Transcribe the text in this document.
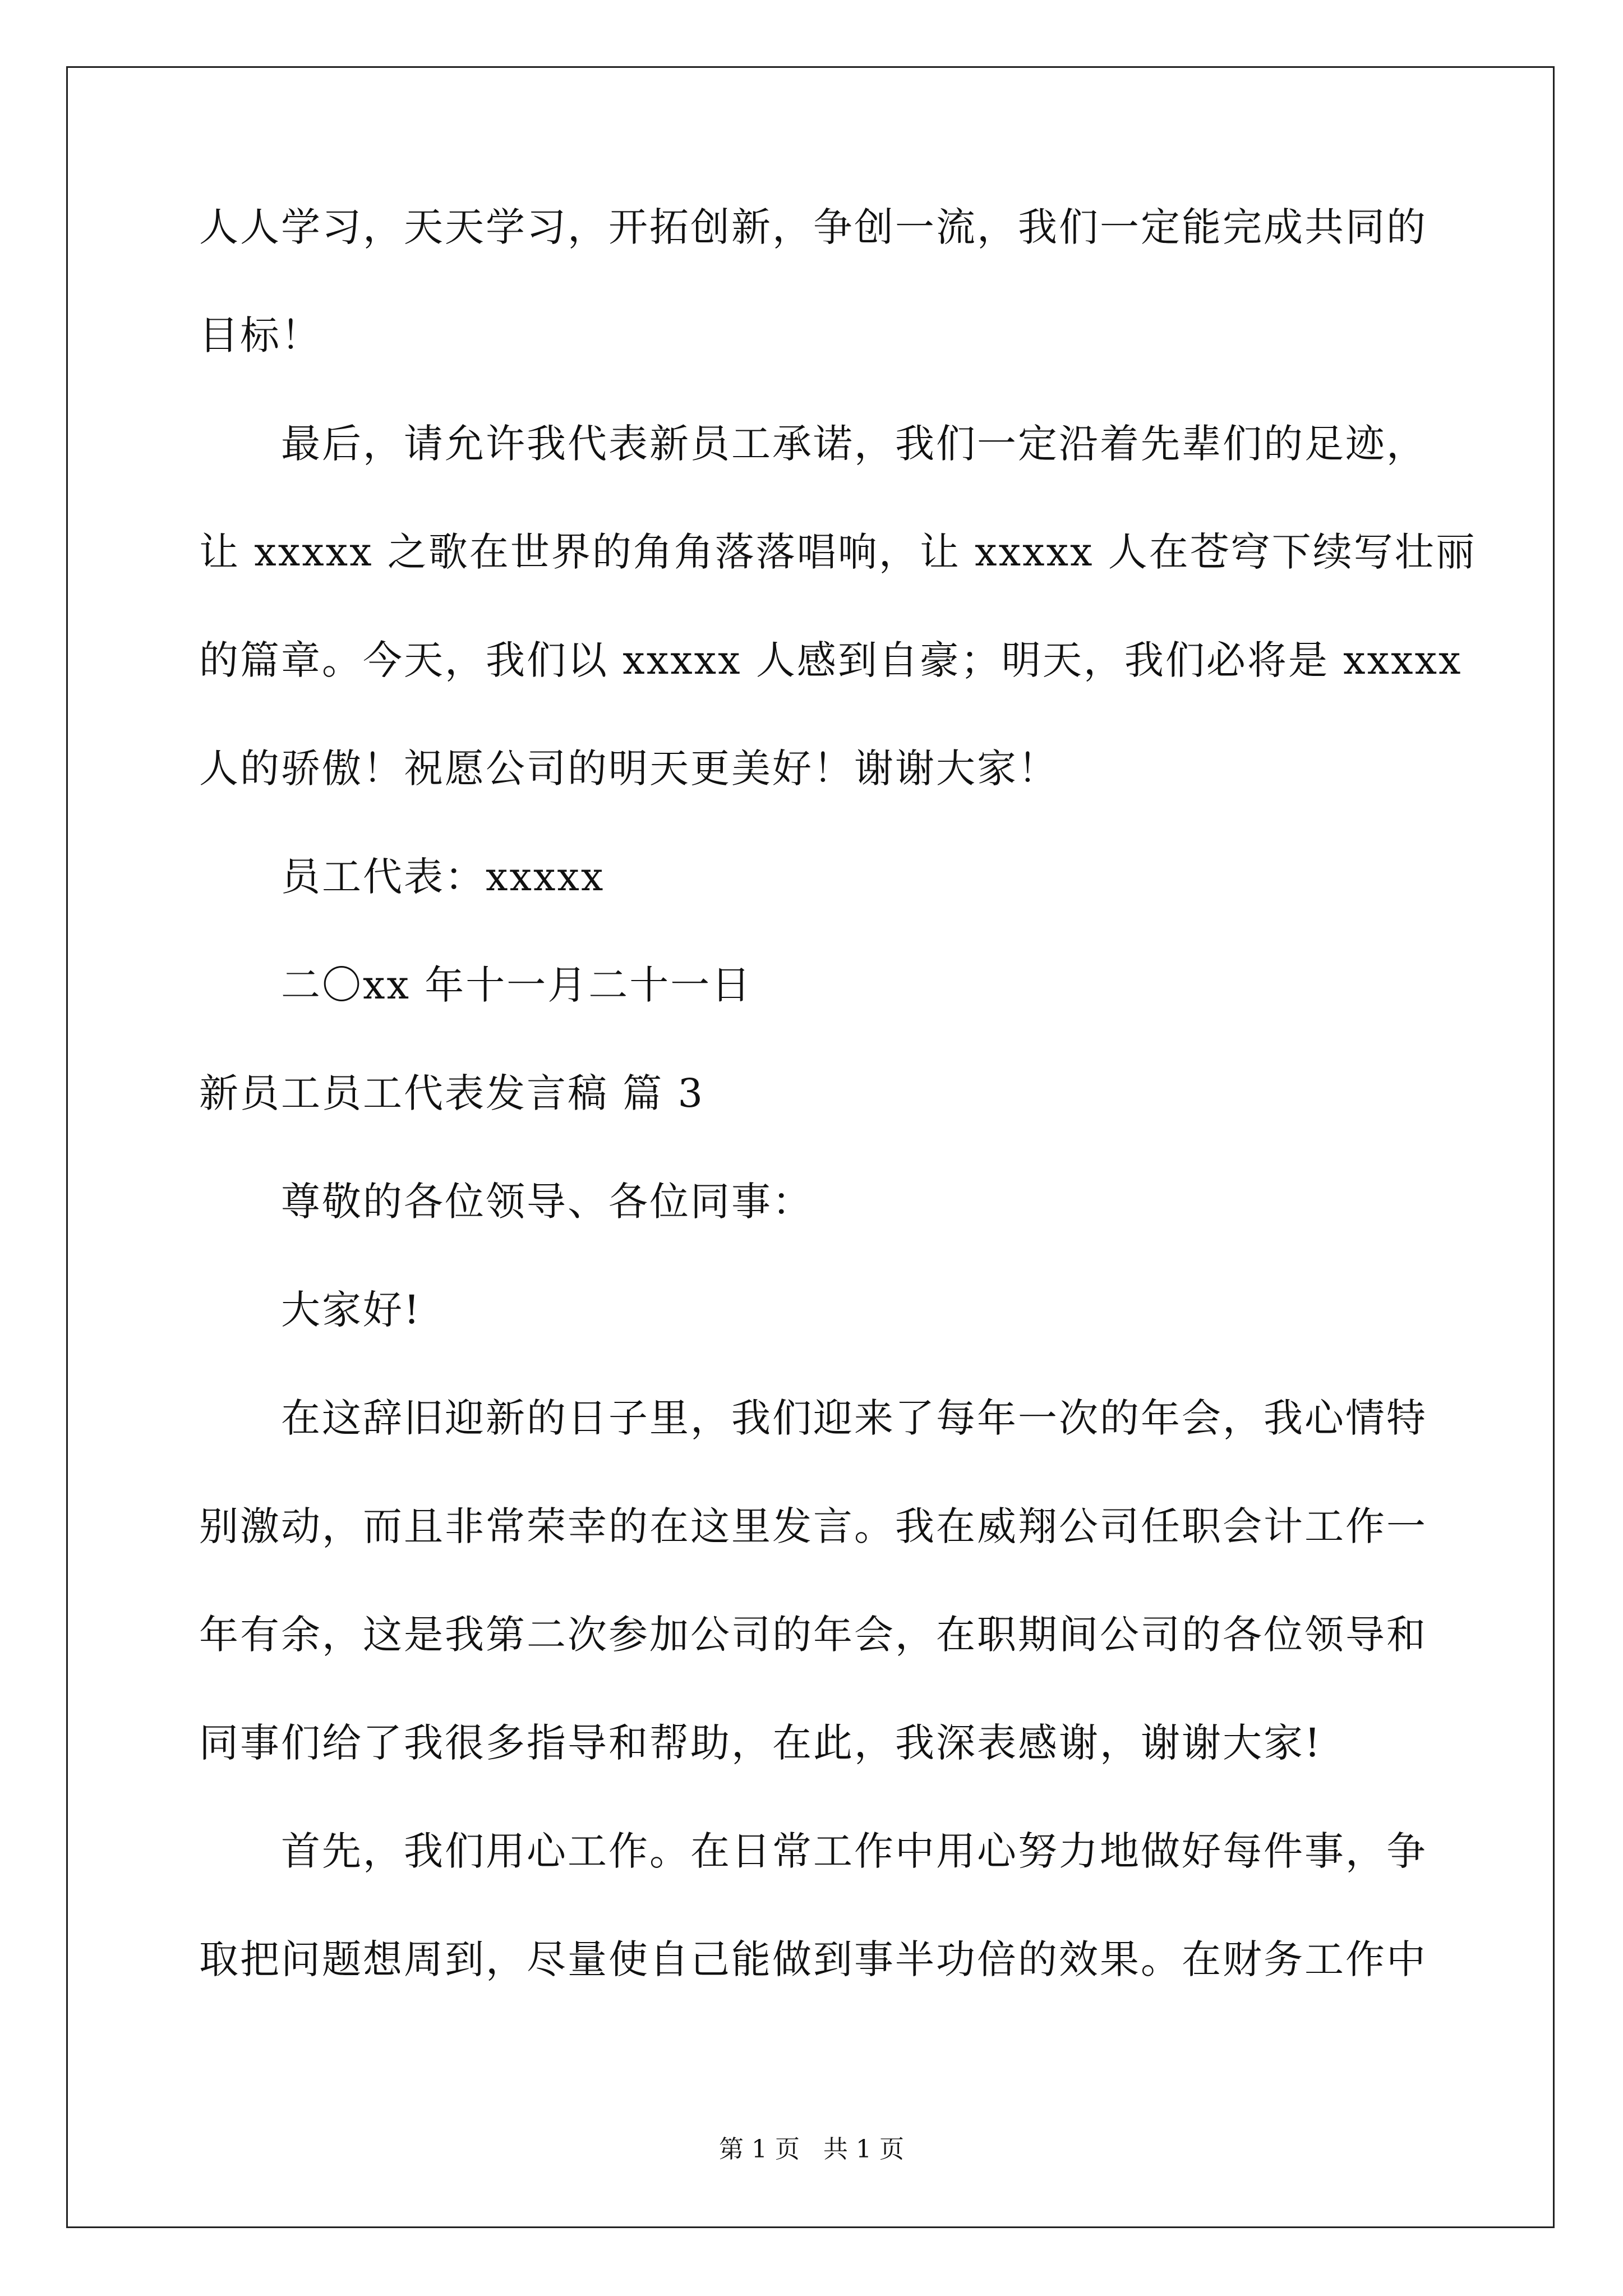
人人学习，天天学习，开拓创新，争创一流，我们一定能完成共同的
目标！
最后，请允许我代表新员工承诺，我们一定沿着先辈们的足迹，
让 xxxxx 之歌在世界的角角落落唱响，让 xxxxx 人在苍穹下续写壮丽
的篇章。今天，我们以 xxxxx 人感到自豪；明天，我们必将是 xxxxx
人的骄傲！祝愿公司的明天更美好！谢谢大家！
员工代表：xxxxx
二〇xx 年十一月二十一日
新员工员工代表发言稿 篇 3
尊敬的各位领导、各位同事：
大家好!
在这辞旧迎新的日子里，我们迎来了每年一次的年会，我心情特
别激动，而且非常荣幸的在这里发言。我在威翔公司任职会计工作一
年有余，这是我第二次参加公司的年会，在职期间公司的各位领导和
同事们给了我很多指导和帮助，在此，我深表感谢，谢谢大家!
首先，我们用心工作。在日常工作中用心努力地做好每件事，争
取把问题想周到，尽量使自己能做到事半功倍的效果。在财务工作中
第 1 页   共 1 页
